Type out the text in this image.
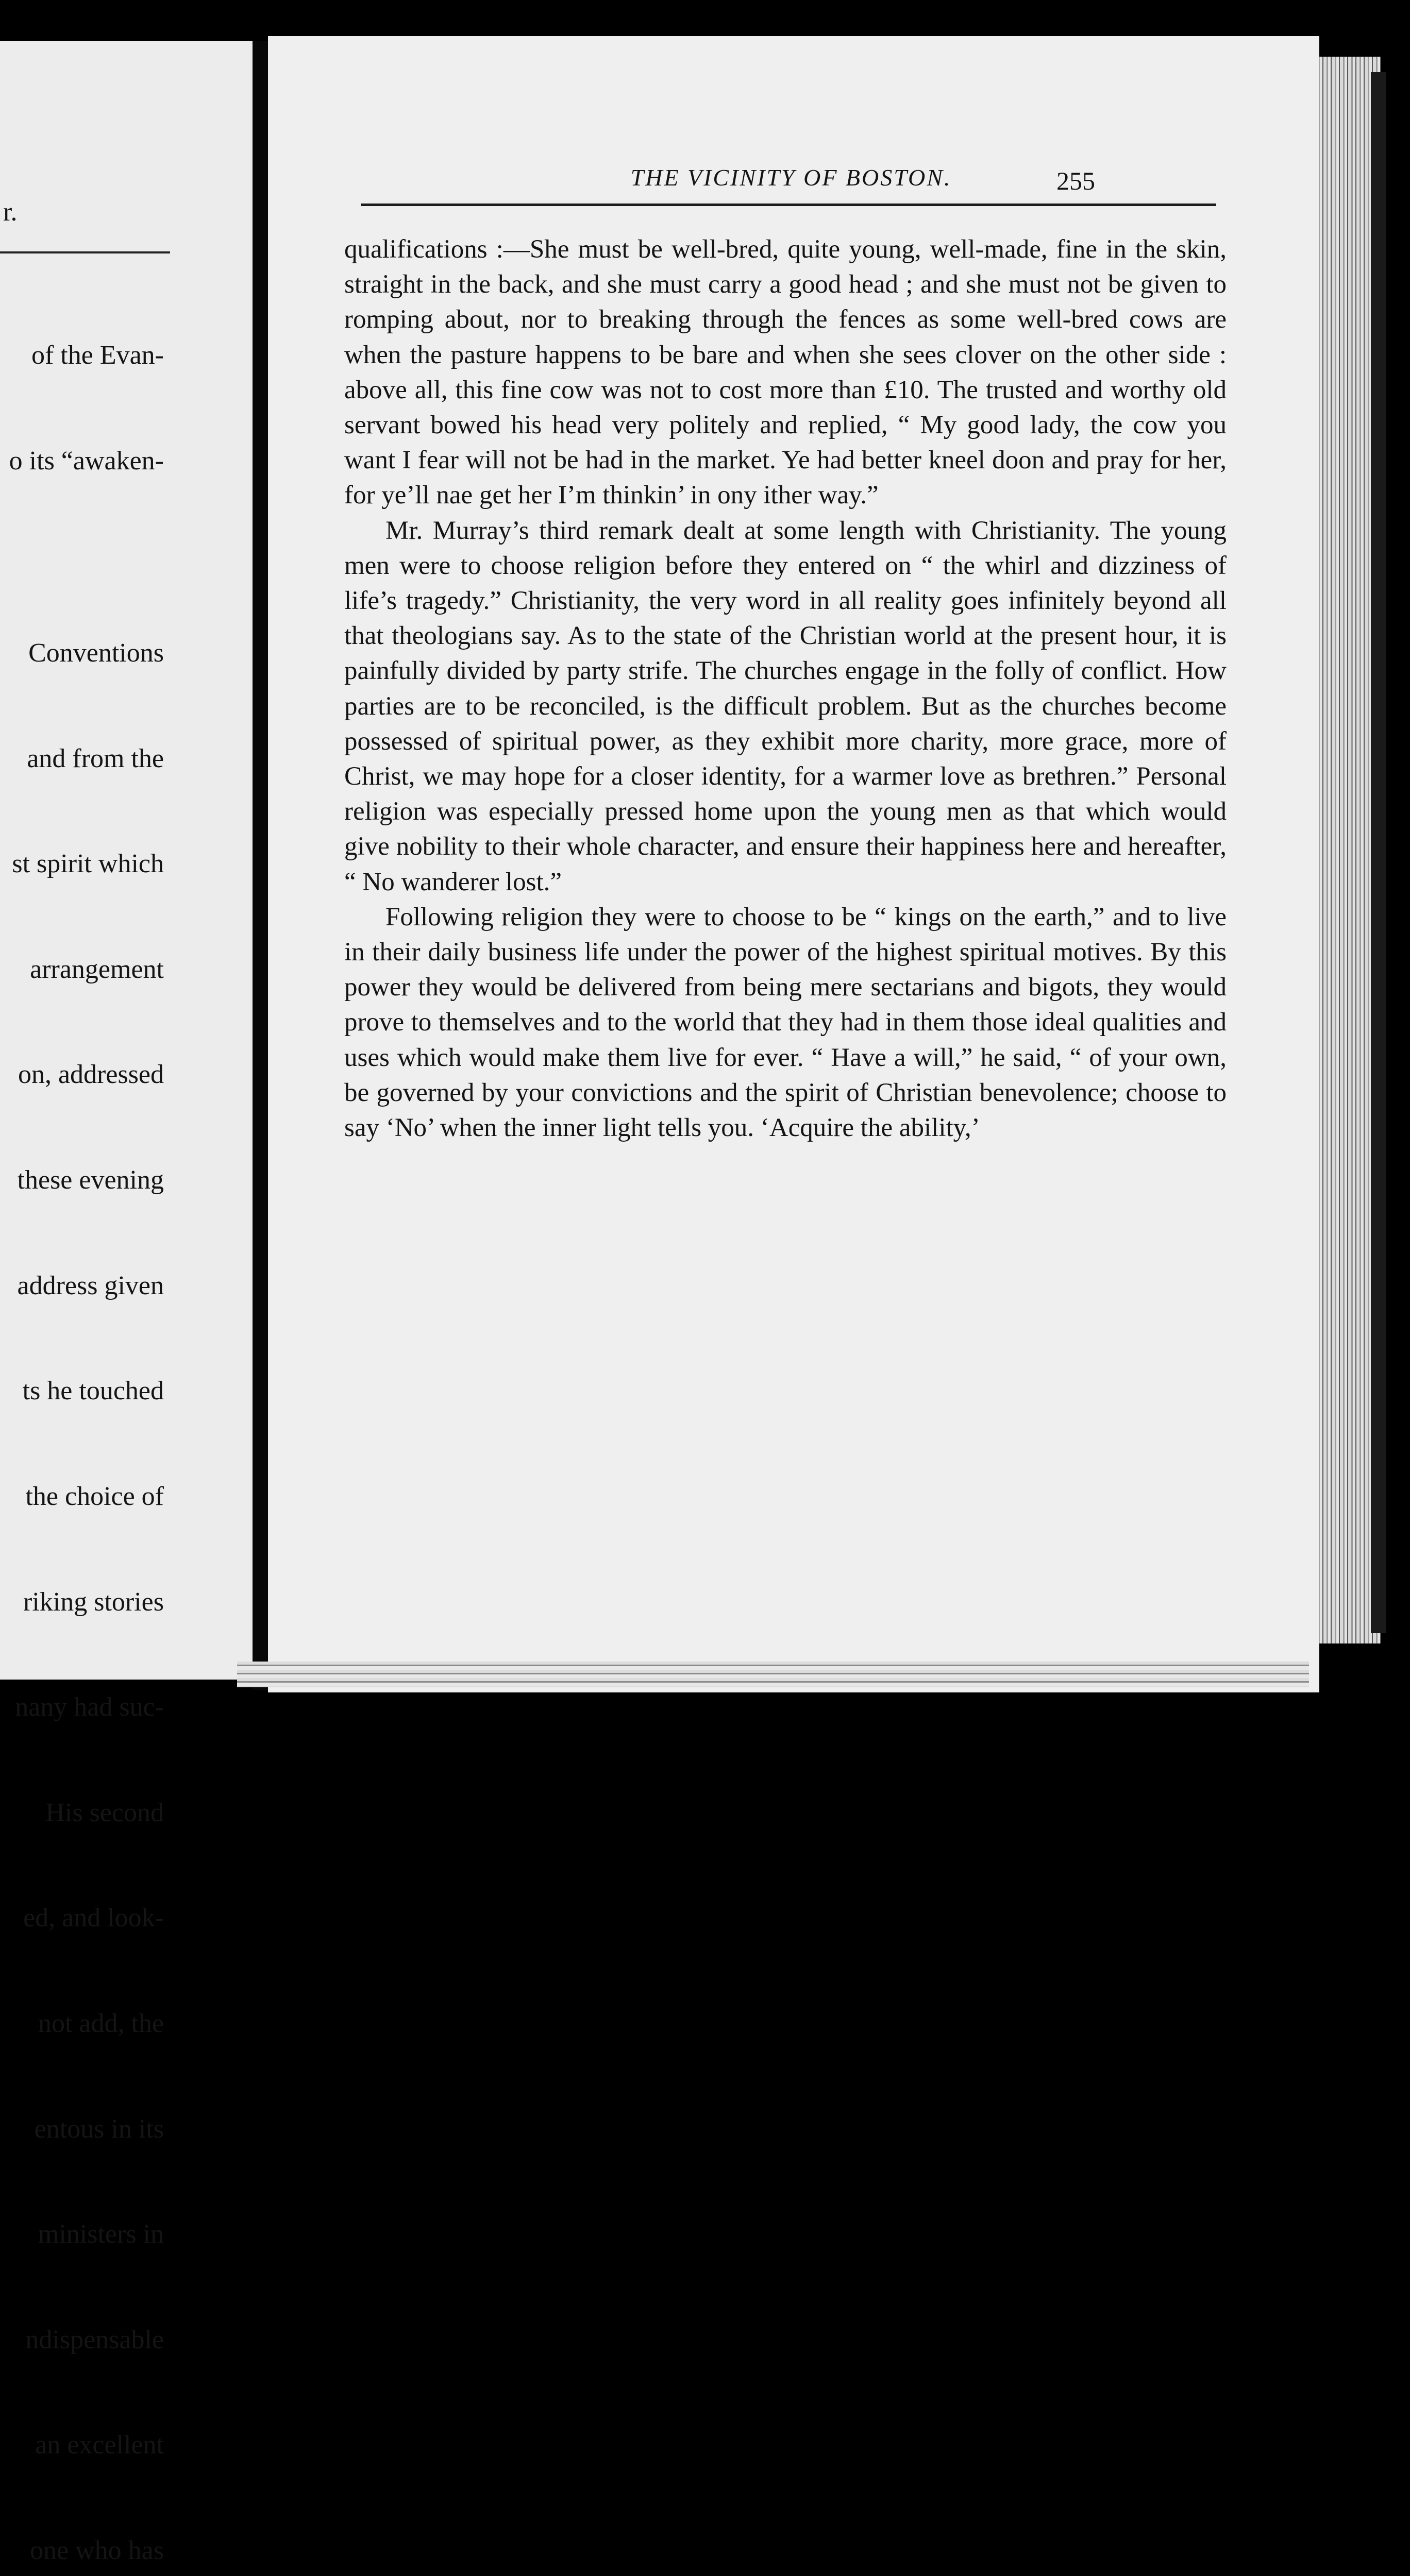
r.

of the Evan-

o its “awaken-

Conventions

and from the

st spirit which

arrangement

on, addressed

these evening

address given

ts he touched

the choice of

riking stories

nany had suc-

His second

ed, and look-

not add, the

entous in its

ministers in

ndispensable

an excellent

one who has

THE VICINITY OF BOSTON.	255

qualifications :—She must be well-bred, quite young, well-made, fine in the skin, straight in the back, and she must carry a good head ; and she must not be given to romping about, nor to breaking through the fences as some well-bred cows are when the pasture happens to be bare and when she sees clover on the other side : above all, this fine cow was not to cost more than £10. The trusted and worthy old servant bowed his head very politely and replied, “ My good lady, the cow you want I fear will not be had in the market. Ye had better kneel doon and pray for her, for ye’ll nae get her I’m thinkin’ in ony ither way.”

Mr. Murray’s third remark dealt at some length with Christianity. The young men were to choose religion before they entered on “ the whirl and dizziness of life’s tragedy.” Christianity, the very word in all reality goes infinitely beyond all that theologians say. As to the state of the Christian world at the present hour, it is painfully divided by party strife. The churches engage in the folly of conflict. How parties are to be reconciled, is the difficult problem. But as the churches become possessed of spiritual power, as they exhibit more charity, more grace, more of Christ, we may hope for a closer identity, for a warmer love as brethren.” Personal religion was especially pressed home upon the young men as that which would give nobility to their whole character, and ensure their happiness here and hereafter, “ No wanderer lost.”

Following religion they were to choose to be “ kings on the earth,” and to live in their daily business life under the power of the highest spiritual motives. By this power they would be delivered from being mere sectarians and bigots, they would prove to themselves and to the world that they had in them those ideal qualities and uses which would make them live for ever. “ Have a will,” he said, “ of your own, be governed by your convictions and the spirit of Christian benevolence; choose to say ‘No’ when the inner light tells you. ‘Acquire the ability,’
